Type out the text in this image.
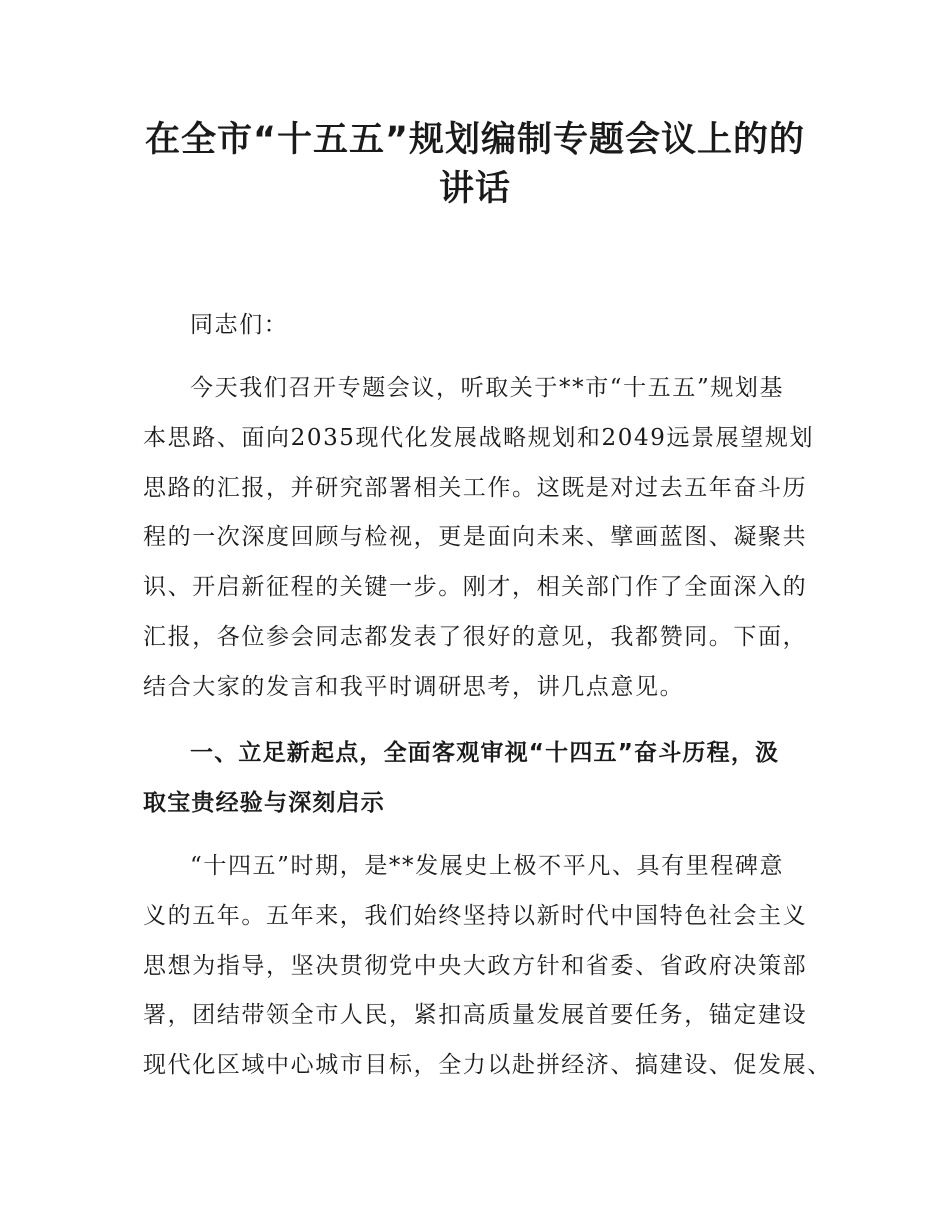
在全市“十五五”规划编制专题会议上的的
讲话
同志们：
今天我们召开专题会议，听取关于**市“十五五”规划基
本思路、面向2035现代化发展战略规划和2049远景展望规划
思路的汇报，并研究部署相关工作。这既是对过去五年奋斗历
程的一次深度回顾与检视，更是面向未来、擘画蓝图、凝聚共
识、开启新征程的关键一步。刚才，相关部门作了全面深入的
汇报，各位参会同志都发表了很好的意见，我都赞同。下面，
结合大家的发言和我平时调研思考，讲几点意见。
一、立足新起点，全面客观审视“十四五”奋斗历程，汲
取宝贵经验与深刻启示
“十四五”时期，是**发展史上极不平凡、具有里程碑意
义的五年。五年来，我们始终坚持以新时代中国特色社会主义
思想为指导，坚决贯彻党中央大政方针和省委、省政府决策部
署，团结带领全市人民，紧扣高质量发展首要任务，锚定建设
现代化区域中心城市目标，全力以赴拼经济、搞建设、促发展、
